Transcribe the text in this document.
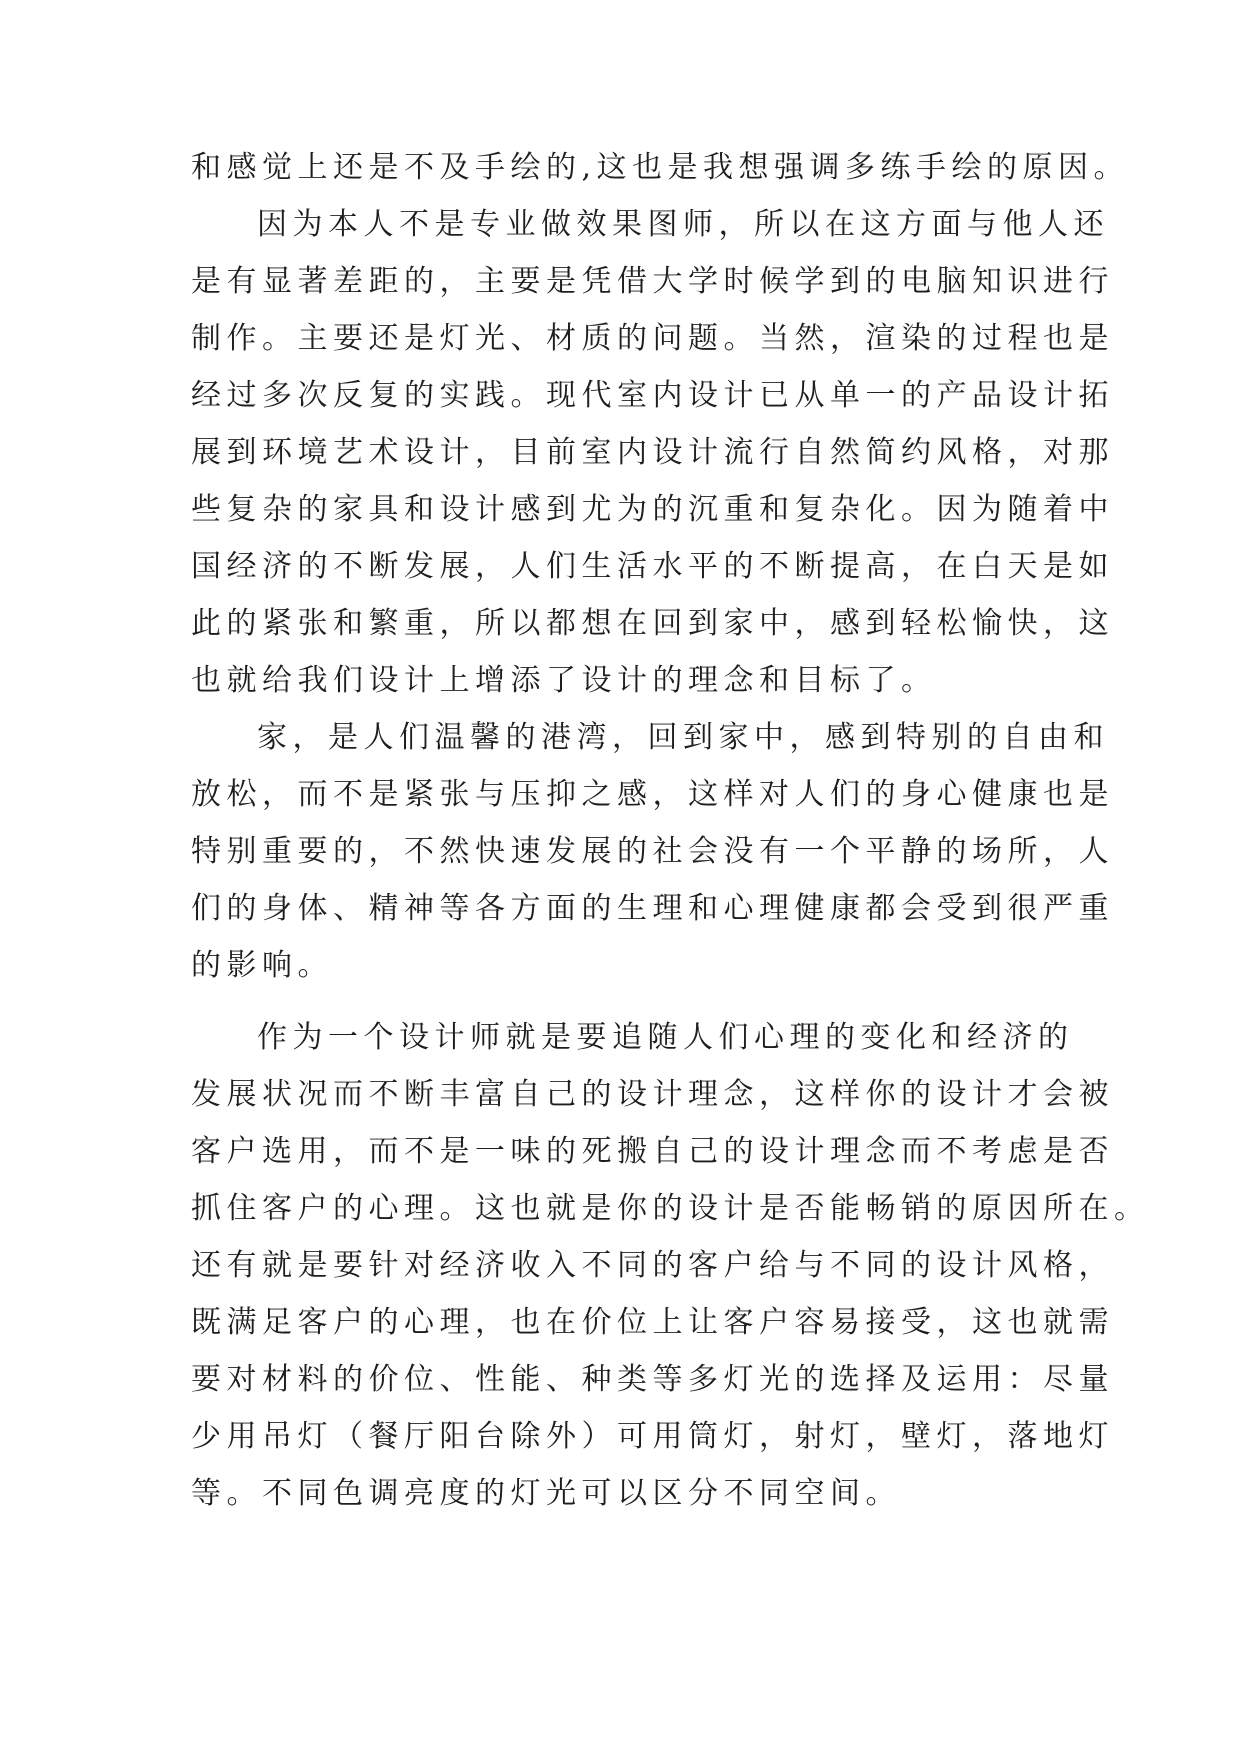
和感觉上还是不及手绘的,这也是我想强调多练手绘的原因。
因为本人不是专业做效果图师，所以在这方面与他人还
是有显著差距的，主要是凭借大学时候学到的电脑知识进行
制作。主要还是灯光、材质的问题。当然，渲染的过程也是
经过多次反复的实践。现代室内设计已从单一的产品设计拓
展到环境艺术设计，目前室内设计流行自然简约风格，对那
些复杂的家具和设计感到尤为的沉重和复杂化。因为随着中
国经济的不断发展，人们生活水平的不断提高，在白天是如
此的紧张和繁重，所以都想在回到家中，感到轻松愉快，这
也就给我们设计上增添了设计的理念和目标了。
家，是人们温馨的港湾，回到家中，感到特别的自由和
放松，而不是紧张与压抑之感，这样对人们的身心健康也是
特别重要的，不然快速发展的社会没有一个平静的场所，人
们的身体、精神等各方面的生理和心理健康都会受到很严重
的影响。
作为一个设计师就是要追随人们心理的变化和经济的
发展状况而不断丰富自己的设计理念，这样你的设计才会被
客户选用，而不是一味的死搬自己的设计理念而不考虑是否
抓住客户的心理。这也就是你的设计是否能畅销的原因所在。
还有就是要针对经济收入不同的客户给与不同的设计风格，
既满足客户的心理，也在价位上让客户容易接受，这也就需
要对材料的价位、性能、种类等多灯光的选择及运用：尽量
少用吊灯（餐厅阳台除外）可用筒灯，射灯，壁灯，落地灯
等。不同色调亮度的灯光可以区分不同空间。
